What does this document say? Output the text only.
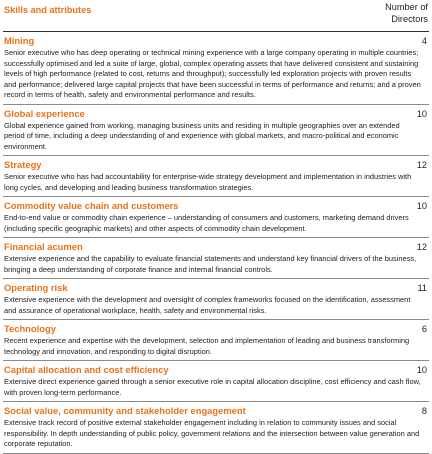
Skills and attributes	Number of
Directors
Mining	4
Senior executive who has deep operating or technical mining experience with a large company operating in multiple countries; successfully optimised and led a suite of large, global, complex operating assets that have delivered consistent and sustaining levels of high performance (related to cost, returns and throughput); successfully led exploration projects with proven results and performance; delivered large capital projects that have been successful in terms of performance and returns; and a proven record in terms of health, safety and environmental performance and results.
Global experience	10
Global experience gained from working, managing business units and residing in multiple geographies over an extended period of time, including a deep understanding of and experience with global markets, and macro-political and economic environment.
Strategy	12
Senior executive who has had accountability for enterprise-wide strategy development and implementation in industries with long cycles, and developing and leading business transformation strategies.
Commodity value chain and customers	10
End-to-end value or commodity chain experience – understanding of consumers and customers, marketing demand drivers (including specific geographic markets) and other aspects of commodity chain development.
Financial acumen	12
Extensive experience and the capability to evaluate financial statements and understand key financial drivers of the business, bringing a deep understanding of corporate finance and internal financial controls.
Operating risk	11
Extensive experience with the development and oversight of complex frameworks focused on the identification, assessment and assurance of operational workplace, health, safety and environmental risks.
Technology	6
Recent experience and expertise with the development, selection and implementation of leading and business transforming technology and innovation, and responding to digital disruption.
Capital allocation and cost efficiency	10
Extensive direct experience gained through a senior executive role in capital allocation discipline, cost efficiency and cash flow, with proven long-term performance.
Social value, community and stakeholder engagement	8
Extensive track record of positive external stakeholder engagement including in relation to community issues and social responsibility. In depth understanding of public policy, government relations and the intersection between value generation and corporate reputation.
